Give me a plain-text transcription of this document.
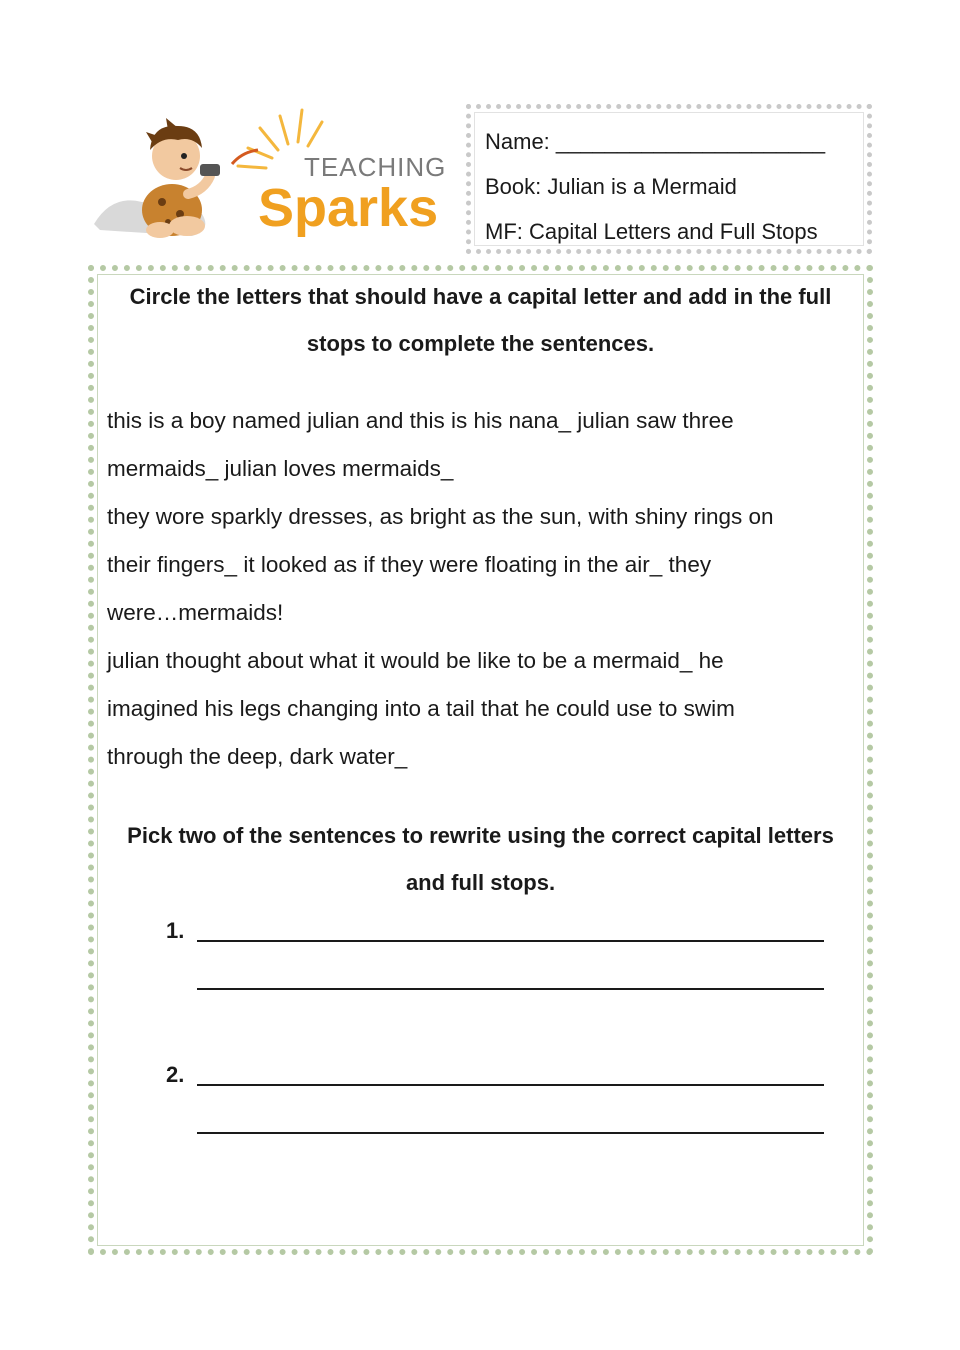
TEACHING
Sparks
Name: ______________________
Book: Julian is a Mermaid
MF: Capital Letters and Full Stops
Circle the letters that should have a capital letter and add in the full
stops to complete the sentences.
this is a boy named julian and this is his nana_ julian saw three
mermaids_ julian loves mermaids_
they wore sparkly dresses, as bright as the sun, with shiny rings on
their fingers_ it looked as if they were floating in the air_ they
were…mermaids!
julian thought about what it would be like to be a mermaid_ he
imagined his legs changing into a tail that he could use to swim
through the deep, dark water_
Pick two of the sentences to rewrite using the correct capital letters
and full stops.
1.
2.
